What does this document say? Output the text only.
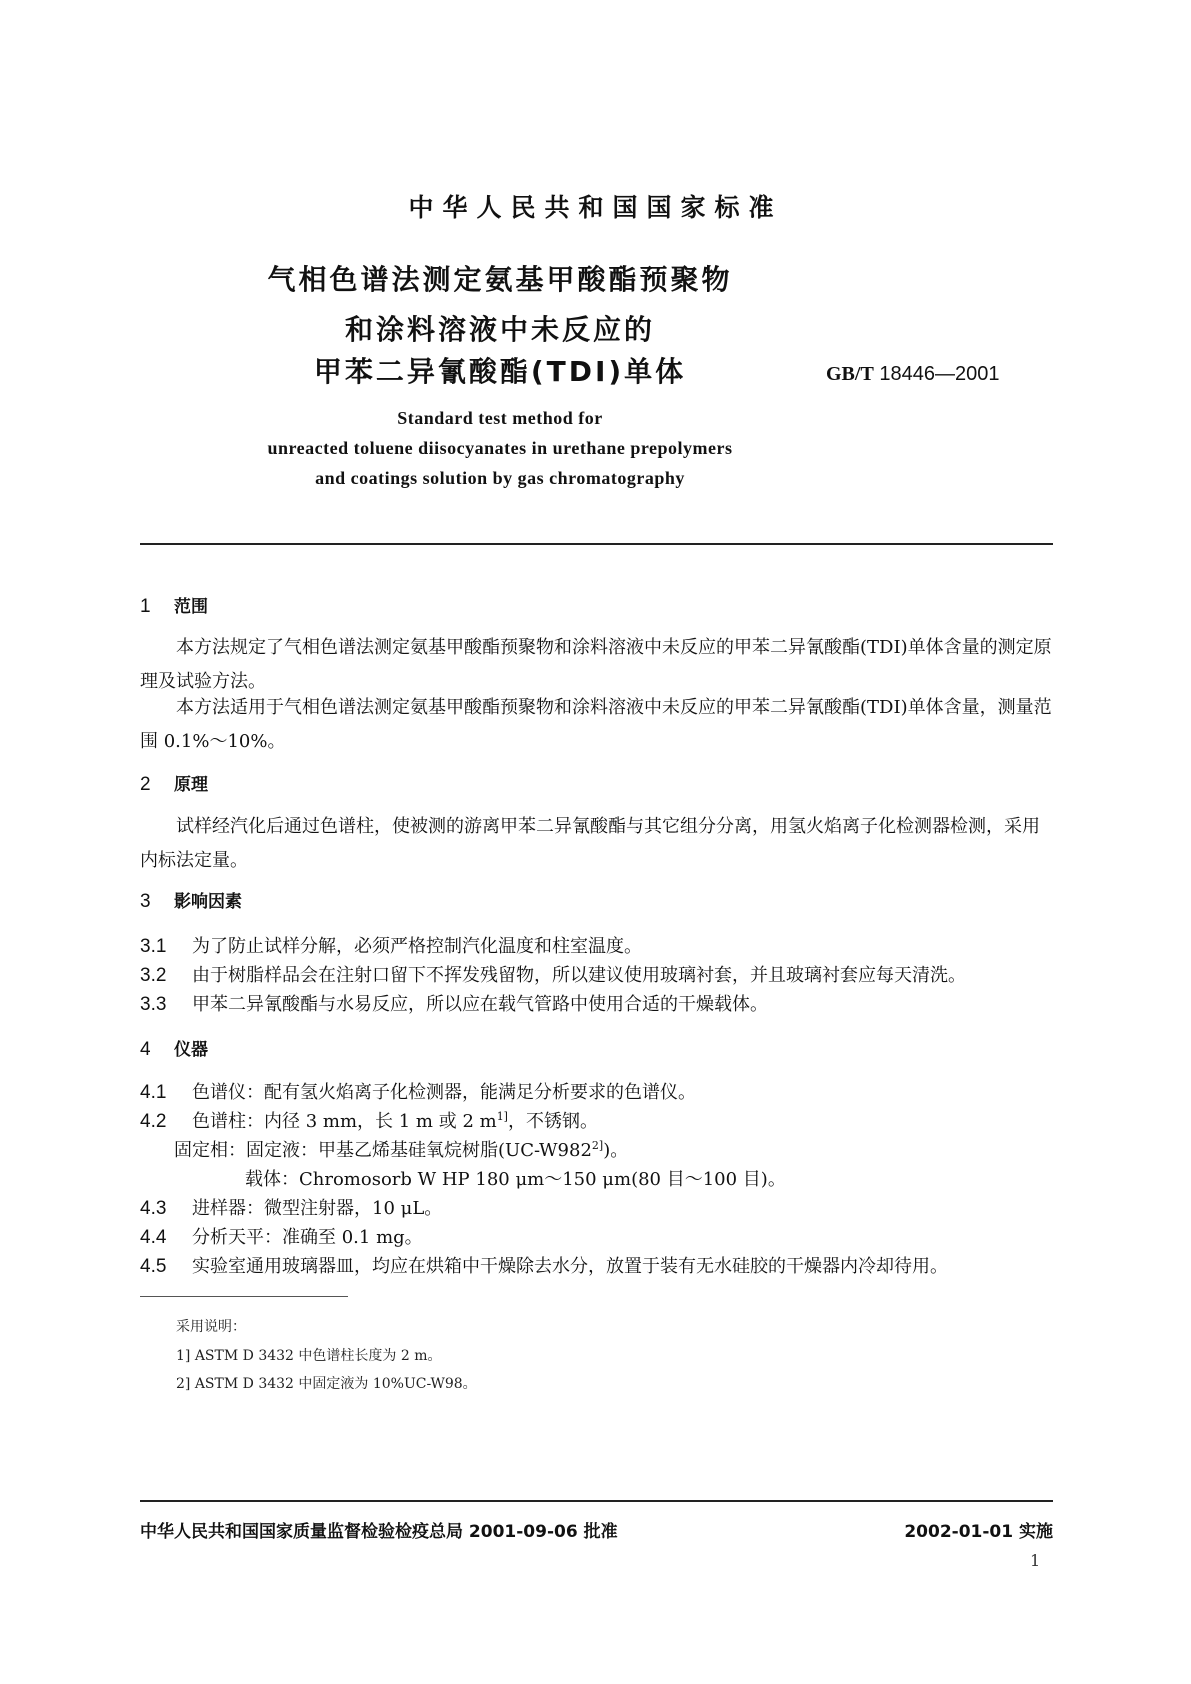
中华人民共和国国家标准
气相色谱法测定氨基甲酸酯预聚物
和涂料溶液中未反应的
甲苯二异氰酸酯(TDI)单体	GB/T 18446—2001
Standard test method for
unreacted toluene diisocyanates in urethane prepolymers
and coatings solution by gas chromatography
1 范围
本方法规定了气相色谱法测定氨基甲酸酯预聚物和涂料溶液中未反应的甲苯二异氰酸酯(TDI)单体含量的测定原理及试验方法。
本方法适用于气相色谱法测定氨基甲酸酯预聚物和涂料溶液中未反应的甲苯二异氰酸酯(TDI)单体含量，测量范围 0.1%～10%。
2 原理
试样经汽化后通过色谱柱，使被测的游离甲苯二异氰酸酯与其它组分分离，用氢火焰离子化检测器检测，采用内标法定量。
3 影响因素
3.1 为了防止试样分解，必须严格控制汽化温度和柱室温度。
3.2 由于树脂样品会在注射口留下不挥发残留物，所以建议使用玻璃衬套，并且玻璃衬套应每天清洗。
3.3 甲苯二异氰酸酯与水易反应，所以应在载气管路中使用合适的干燥载体。
4 仪器
4.1 色谱仪：配有氢火焰离子化检测器，能满足分析要求的色谱仪。
4.2 色谱柱：内径 3 mm，长 1 m 或 2 $m^{1]}$，不锈钢。
固定相：固定液：甲基乙烯基硅氧烷树脂$(UC-W982^{2]})$。
载体：Chromosorb W HP 180 μm～150 μm(80 目～100 目)。
4.3 进样器：微型注射器，10 μL。
4.4 分析天平：准确至 0.1 mg。
4.5 实验室通用玻璃器皿，均应在烘箱中干燥除去水分，放置于装有无水硅胶的干燥器内冷却待用。
采用说明：
1] ASTM D 3432 中色谱柱长度为 2 m。
2] ASTM D 3432 中固定液为 10%UC-W98。
中华人民共和国国家质量监督检验检疫总局 2001-09-06 批准	2002-01-01 实施
1
